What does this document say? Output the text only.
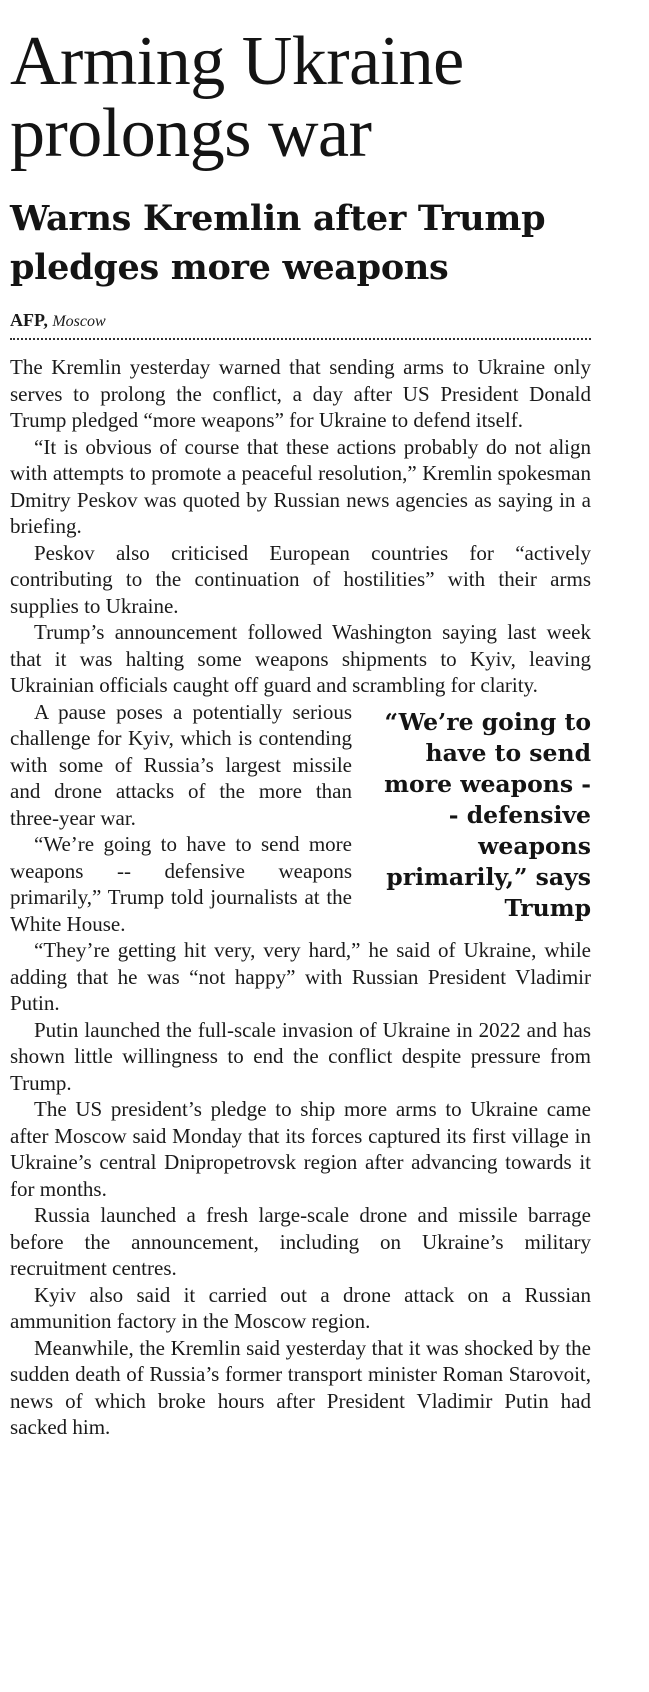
Arming Ukraine prolongs war
Warns Kremlin after Trump pledges more weapons
AFP, Moscow

The Kremlin yesterday warned that sending arms to Ukraine only serves to prolong the conflict, a day after US President Donald Trump pledged “more weapons” for Ukraine to defend itself.

“It is obvious of course that these actions probably do not align with attempts to promote a peaceful resolution,” Kremlin spokesman Dmitry Peskov was quoted by Russian news agencies as saying in a briefing.

Peskov also criticised European countries for “actively contributing to the continuation of hostilities” with their arms supplies to Ukraine.

Trump’s announcement followed Washington saying last week that it was halting some weapons shipments to Kyiv, leaving Ukrainian officials caught off guard and scrambling for clarity.

“We’re going to have to send more weapons -- defensive weapons primarily,” says Trump

A pause poses a potentially serious challenge for Kyiv, which is contending with some of Russia’s largest missile and drone attacks of the more than three-year war.

“We’re going to have to send more weapons -- defensive weapons primarily,” Trump told journalists at the White House.

“They’re getting hit very, very hard,” he said of Ukraine, while adding that he was “not happy” with Russian President Vladimir Putin.

Putin launched the full-scale invasion of Ukraine in 2022 and has shown little willingness to end the conflict despite pressure from Trump.

The US president’s pledge to ship more arms to Ukraine came after Moscow said Monday that its forces captured its first village in Ukraine’s central Dnipropetrovsk region after advancing towards it for months.

Russia launched a fresh large-scale drone and missile barrage before the announcement, including on Ukraine’s military recruitment centres.

Kyiv also said it carried out a drone attack on a Russian ammunition factory in the Moscow region.

Meanwhile, the Kremlin said yesterday that it was shocked by the sudden death of Russia’s former transport minister Roman Starovoit, news of which broke hours after President Vladimir Putin had sacked him.
